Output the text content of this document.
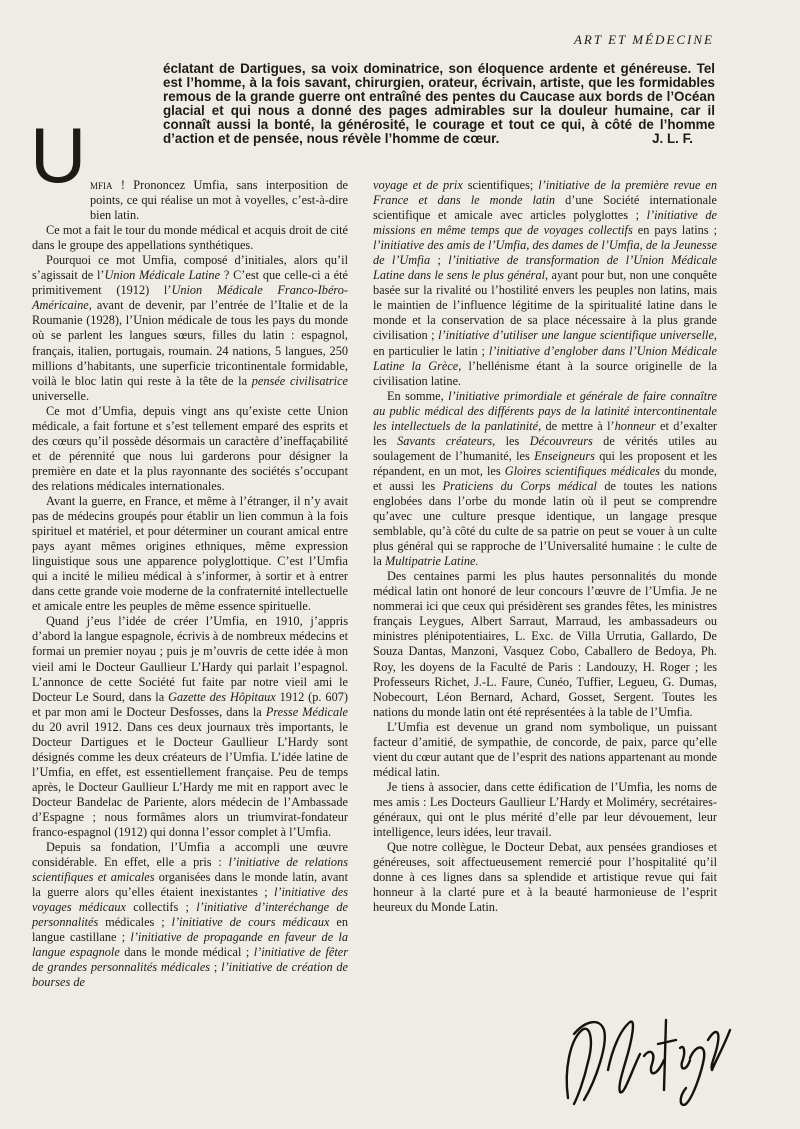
ART ET MÉDECINE

éclatant de Dartigues, sa voix dominatrice, son éloquence ardente et généreuse. Tel est l’homme, à la fois savant, chirurgien, orateur, écrivain, artiste, que les formidables remous de la grande guerre ont entraîné des pentes du Caucase aux bords de l’Océan glacial et qui nous a donné des pages admirables sur la douleur humaine, car il connaît aussi la bonté, la générosité, le courage et tout ce qui, à côté de l’homme d’action et de pensée, nous révèle l’homme de cœur.	J. L. F.

U mfia ! Prononcez Umfia, sans interposition de points, ce qui réalise un mot à voyelles, c’est-à-dire bien latin.

Ce mot a fait le tour du monde médical et acquis droit de cité dans le groupe des appellations synthétiques.

Pourquoi ce mot Umfia, composé d’initiales, alors qu’il s’agissait de l’Union Médicale Latine ? C’est que celle-ci a été primitivement (1912) l’Union Médicale Franco-Ibéro-Américaine, avant de devenir, par l’entrée de l’Italie et de la Roumanie (1928), l’Union médicale de tous les pays du monde où se parlent les langues sœurs, filles du latin : espagnol, français, italien, portugais, roumain. 24 nations, 5 langues, 250 millions d’habitants, une superficie tricontinentale formidable, voilà le bloc latin qui reste à la tête de la pensée civilisatrice universelle.

Ce mot d’Umfia, depuis vingt ans qu’existe cette Union médicale, a fait fortune et s’est tellement emparé des esprits et des cœurs qu’il possède désormais un caractère d’ineffaçabilité et de pérennité que nous lui garderons pour désigner la première en date et la plus rayonnante des sociétés s’occupant des relations médicales internationales.

Avant la guerre, en France, et même à l’étranger, il n’y avait pas de médecins groupés pour établir un lien commun à la fois spirituel et matériel, et pour déterminer un courant amical entre pays ayant mêmes origines ethniques, même expression linguistique sous une apparence polyglottique. C’est l’Umfia qui a incité le milieu médical à s’informer, à sortir et à entrer dans cette grande voie moderne de la confraternité intellectuelle et amicale entre les peuples de même essence spirituelle.

Quand j’eus l’idée de créer l’Umfia, en 1910, j’appris d’abord la langue espagnole, écrivis à de nombreux médecins et formai un premier noyau ; puis je m’ouvris de cette idée à mon vieil ami le Docteur Gaullieur L’Hardy qui parlait l’espagnol. L’annonce de cette Société fut faite par notre vieil ami le Docteur Le Sourd, dans la Gazette des Hôpitaux 1912 (p. 607) et par mon ami le Docteur Desfosses, dans la Presse Médicale du 20 avril 1912. Dans ces deux journaux très importants, le Docteur Dartigues et le Docteur Gaullieur L’Hardy sont désignés comme les deux créateurs de l’Umfia. L’idée latine de l’Umfia, en effet, est essentiellement française. Peu de temps après, le Docteur Gaullieur L’Hardy me mit en rapport avec le Docteur Bandelac de Pariente, alors médecin de l’Ambassade d’Espagne ; nous formâmes alors un triumvirat-fondateur franco-espagnol (1912) qui donna l’essor complet à l’Umfia.

Depuis sa fondation, l’Umfia a accompli une œuvre considérable. En effet, elle a pris : l’initiative de relations scientifiques et amicales organisées dans le monde latin, avant la guerre alors qu’elles étaient inexistantes ; l’initiative des voyages médicaux collectifs ; l’initiative d’interéchange de personnalités médicales ; l’initiative de cours médicaux en langue castillane ; l’initiative de propagande en faveur de la langue espagnole dans le monde médical ; l’initiative de fêter de grandes personnalités médicales ; l’initiative de création de bourses de

voyage et de prix scientifiques; l’initiative de la première revue en France et dans le monde latin d’une Société internationale scientifique et amicale avec articles polyglottes ; l’initiative de missions en même temps que de voyages collectifs en pays latins ; l’initiative des amis de l’Umfia, des dames de l’Umfia, de la Jeunesse de l’Umfia ; l’initiative de transformation de l’Union Médicale Latine dans le sens le plus général, ayant pour but, non une conquête basée sur la rivalité ou l’hostilité envers les peuples non latins, mais le maintien de l’influence légitime de la spiritualité latine dans le monde et la conservation de sa place nécessaire à la plus grande civilisation ; l’initiative d’utiliser une langue scientifique universelle, en particulier le latin ; l’initiative d’englober dans l’Union Médicale Latine la Grèce, l’hellénisme étant à la source originelle de la civilisation latine.

En somme, l’initiative primordiale et générale de faire connaître au public médical des différents pays de la latinité intercontinentale les intellectuels de la panlatinité, de mettre à l’honneur et d’exalter les Savants créateurs, les Découvreurs de vérités utiles au soulagement de l’humanité, les Enseigneurs qui les proposent et les répandent, en un mot, les Gloires scientifiques médicales du monde, et aussi les Praticiens du Corps médical de toutes les nations englobées dans l’orbe du monde latin où il peut se comprendre qu’avec une culture presque identique, un langage presque semblable, qu’à côté du culte de sa patrie on peut se vouer à un culte plus général qui se rapproche de l’Universalité humaine : le culte de la Multipatrie Latine.

Des centaines parmi les plus hautes personnalités du monde médical latin ont honoré de leur concours l’œuvre de l’Umfia. Je ne nommerai ici que ceux qui présidèrent ses grandes fêtes, les ministres français Leygues, Albert Sarraut, Marraud, les ambassadeurs ou ministres plénipotentiaires, L. Exc. de Villa Urrutia, Gallardo, De Souza Dantas, Manzoni, Vasquez Cobo, Caballero de Bedoya, Ph. Roy, les doyens de la Faculté de Paris : Landouzy, H. Roger ; les Professeurs Richet, J.-L. Faure, Cunéo, Tuffier, Legueu, G. Dumas, Nobecourt, Léon Bernard, Achard, Gosset, Sergent. Toutes les nations du monde latin ont été représentées à la table de l’Umfia.

L’Umfia est devenue un grand nom symbolique, un puissant facteur d’amitié, de sympathie, de concorde, de paix, parce qu’elle vient du cœur autant que de l’esprit des nations appartenant au monde médical latin.

Je tiens à associer, dans cette édification de l’Umfia, les noms de mes amis : Les Docteurs Gaullieur L’Hardy et Moliméry, secrétaires-généraux, qui ont le plus mérité d’elle par leur dévouement, leur intelligence, leurs idées, leur travail.

Que notre collègue, le Docteur Debat, aux pensées grandioses et généreuses, soit affectueusement remercié pour l’hospitalité qu’il donne à ces lignes dans sa splendide et artistique revue qui fait honneur à la clarté pure et à la beauté harmonieuse de l’esprit heureux du Monde Latin.
